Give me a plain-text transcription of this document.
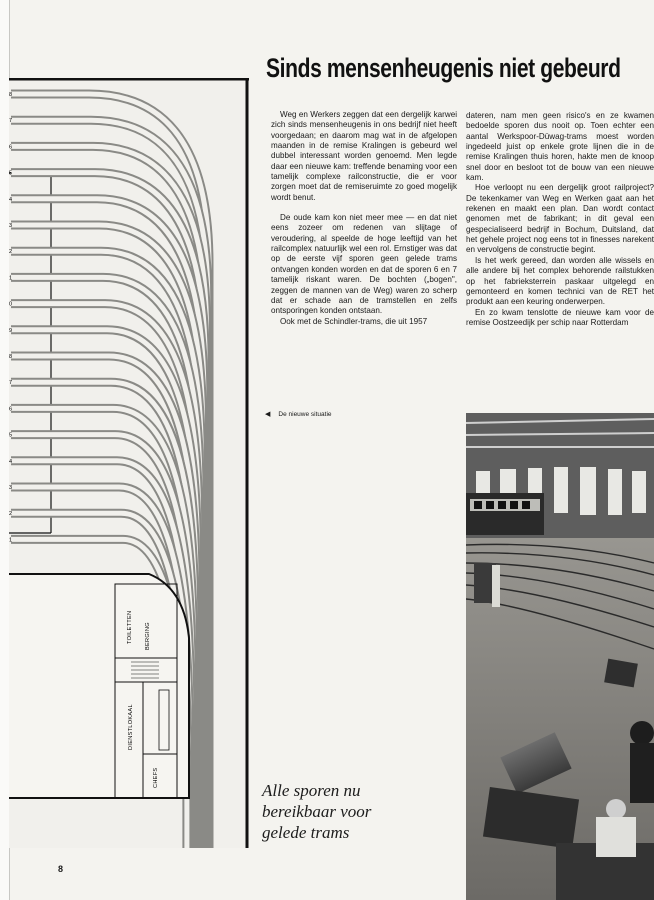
8
7
6
5
4
3
2
1
0
9
8
7
6
5
4
3
2
1
TOILETTEN BERGING
DIENSTLOKAAL
CHEFS
Sinds mensenheugenis niet gebeurd

Weg en Werkers zeggen dat een dergelijk karwei zich sinds mensenheugenis in ons bedrijf niet heeft voorgedaan; en daarom mag wat in de afgelopen maanden in de remise Kralingen is gebeurd wel dubbel interessant worden genoemd. Men legde daar een nieuwe kam: treffende benaming voor een tamelijk complexe railconstructie, die er voor zorgen moet dat de remiseruimte zo goed mogelijk wordt benut.

De oude kam kon niet meer mee — en dat niet eens zozeer om redenen van slijtage of veroudering, al speelde de hoge leeftijd van het railcomplex natuurlijk wel een rol. Ernstiger was dat op de eerste vijf sporen geen gelede trams ontvangen konden worden en dat de sporen 6 en 7 tamelijk riskant waren. De bochten („bogen", zeggen de mannen van de Weg) waren zo scherp dat er schade aan de tramstellen en zelfs ontsporingen konden ontstaan.

Ook met de Schindler-trams, die uit 1957

dateren, nam men geen risico's en ze kwamen bedoelde sporen dus nooit op. Toen echter een aantal Werkspoor-Düwag-trams moest worden ingedeeld juist op enkele grote lijnen die in de remise Kralingen thuis horen, hakte men de knoop snel door en besloot tot de bouw van een nieuwe kam.

Hoe verloopt nu een dergelijk groot railproject? De tekenkamer van Weg en Werken gaat aan het rekenen en maakt een plan. Dan wordt contact genomen met de fabrikant; in dit geval een gespecialiseerd bedrijf in Bochum, Duitsland, dat het gehele project nog eens tot in finesses narekent en vervolgens de constructie begint.

Is het werk gereed, dan worden alle wissels en alle andere bij het complex behorende railstukken op het fabrieksterrein paskaar uitgelegd en gemonteerd en komen technici van de RET het produkt aan een keuring onderwerpen.

En zo kwam tenslotte de nieuwe kam voor de remise Oostzeedijk per schip naar Rotterdam

◀ De nieuwe situatie
Alle sporen nu
bereikbaar voor
gelede trams
8
